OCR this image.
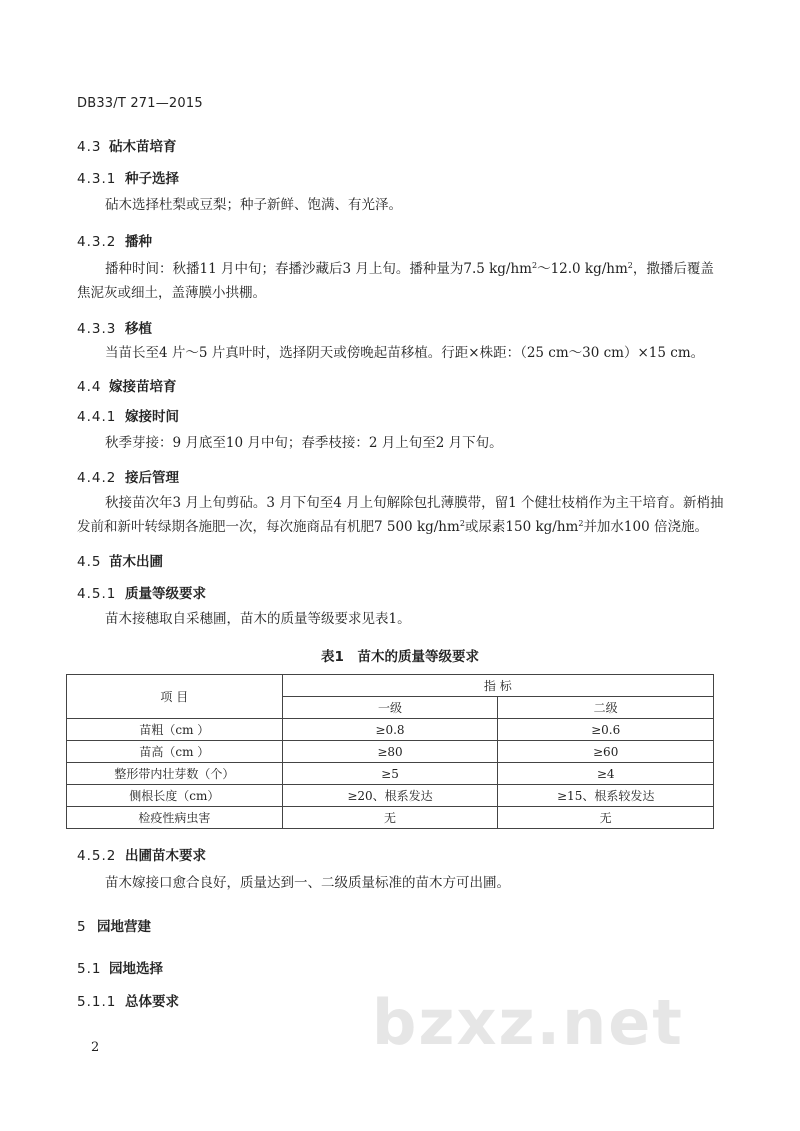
DB33/T 271—2015
4.3 砧木苗培育
4.3.1 种子选择
砧木选择杜梨或豆梨；种子新鲜、饱满、有光泽。
4.3.2 播种
播种时间：秋播11 月中旬；春播沙藏后3 月上旬。播种量为7.5 $kg/hm^2\sim 12.0$ $kg/hm^2$，撒播后覆盖焦泥灰或细土，盖薄膜小拱棚。
4.3.3 移植
当苗长至4 片～5 片真叶时，选择阴天或傍晚起苗移植。行距×株距：（25 cm～30 cm）×15 cm。
4.4 嫁接苗培育
4.4.1 嫁接时间
秋季芽接：9 月底至10 月中旬；春季枝接：2 月上旬至2 月下旬。
4.4.2 接后管理
秋接苗次年3 月上旬剪砧。3 月下旬至4 月上旬解除包扎薄膜带，留1 个健壮枝梢作为主干培育。新梢抽发前和新叶转绿期各施肥一次，每次施商品有机肥7 500 $kg/hm^2$或尿素150 $kg/hm^2$并加水100 倍浇施。
4.5 苗木出圃
4.5.1 质量等级要求
苗木接穗取自采穗圃，苗木的质量等级要求见表1。
表1　苗木的质量等级要求
项 目	指 标	
	一级	二级
苗粗（cm ）	≥0.8	≥0.6
苗高（cm ）	≥80	≥60
整形带内壮芽数（个）	≥5	≥4
侧根长度（cm）	≥20、根系发达	≥15、根系较发达
检疫性病虫害	无	无
4.5.2 出圃苗木要求
苗木嫁接口愈合良好，质量达到一、二级质量标准的苗木方可出圃。
5 园地营建
5.1 园地选择
5.1.1 总体要求	bzxz.net
2
